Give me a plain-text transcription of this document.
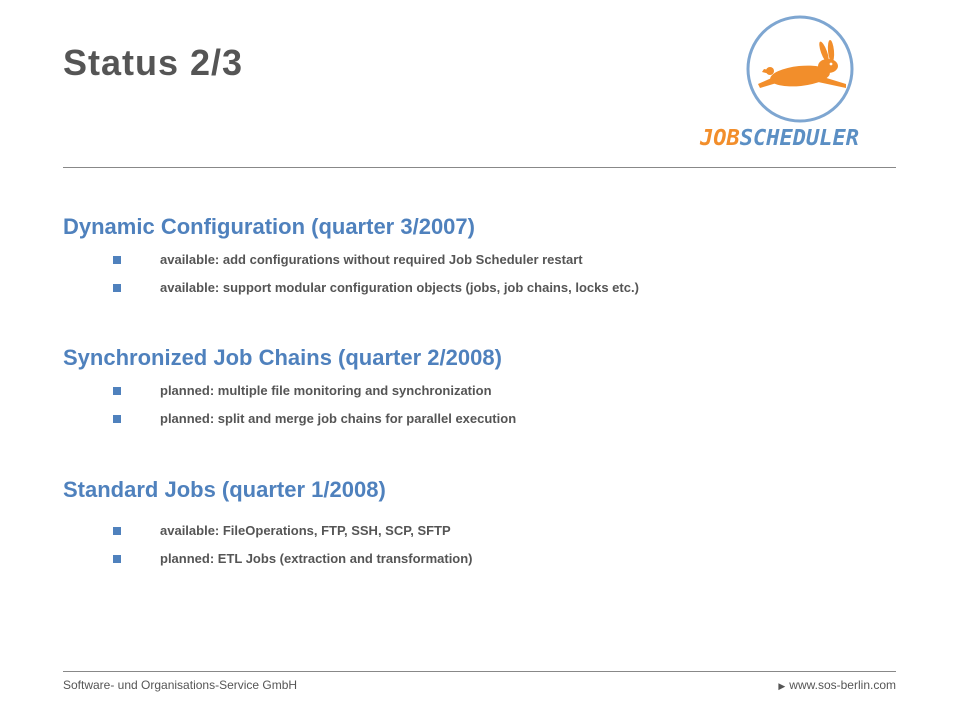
Status 2/3
JOBSCHEDULER
Dynamic Configuration (quarter 3/2007)
available: add configurations without required Job Scheduler restart
available: support modular configuration objects (jobs, job chains, locks etc.)
Synchronized Job Chains (quarter 2/2008)
planned: multiple file monitoring and synchronization
planned: split and merge job chains for parallel execution
Standard Jobs (quarter 1/2008)
available: FileOperations, FTP, SSH, SCP, SFTP
planned: ETL Jobs (extraction and transformation)
Software- und Organisations-Service GmbH	▶ www.sos-berlin.com
